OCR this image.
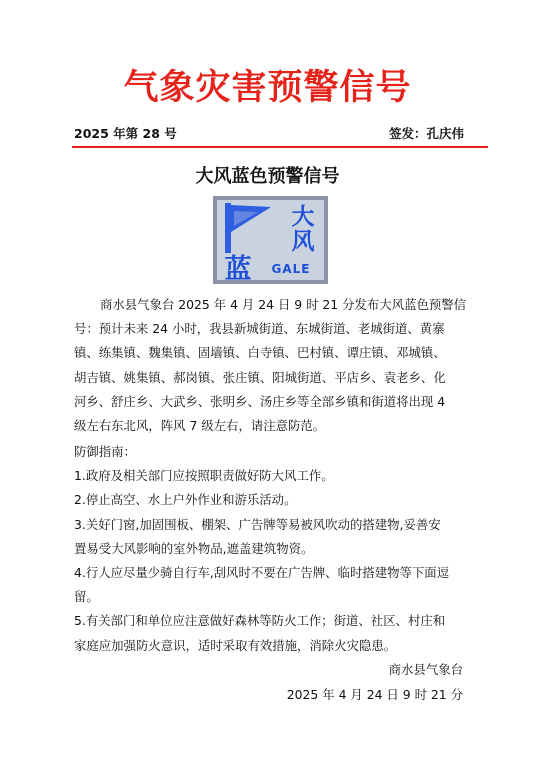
气象灾害预警信号
2025 年第 28 号	签发：孔庆伟
大风蓝色预警信号
大
风
蓝 GALE

商水县气象台 2025 年 4 月 24 日 9 时 21 分发布大风蓝色预警信

号：预计未来 24 小时，我县新城街道、东城街道、老城街道、黄寨

镇、练集镇、魏集镇、固墙镇、白寺镇、巴村镇、谭庄镇、邓城镇、

胡吉镇、姚集镇、郝岗镇、张庄镇、阳城街道、平店乡、袁老乡、化

河乡、舒庄乡、大武乡、张明乡、汤庄乡等全部乡镇和街道将出现 4

级左右东北风，阵风 7 级左右，请注意防范。

防御指南：

1.政府及相关部门应按照职责做好防大风工作。

2.停止高空、水上户外作业和游乐活动。

3.关好门窗,加固围板、棚架、广告牌等易被风吹动的搭建物,妥善安

置易受大风影响的室外物品,遮盖建筑物资。

4.行人应尽量少骑自行车,刮风时不要在广告牌、临时搭建物等下面逗

留。

5.有关部门和单位应注意做好森林等防火工作；街道、社区、村庄和

家庭应加强防火意识，适时采取有效措施，消除火灾隐患。

商水县气象台
2025 年 4 月 24 日 9 时 21 分
